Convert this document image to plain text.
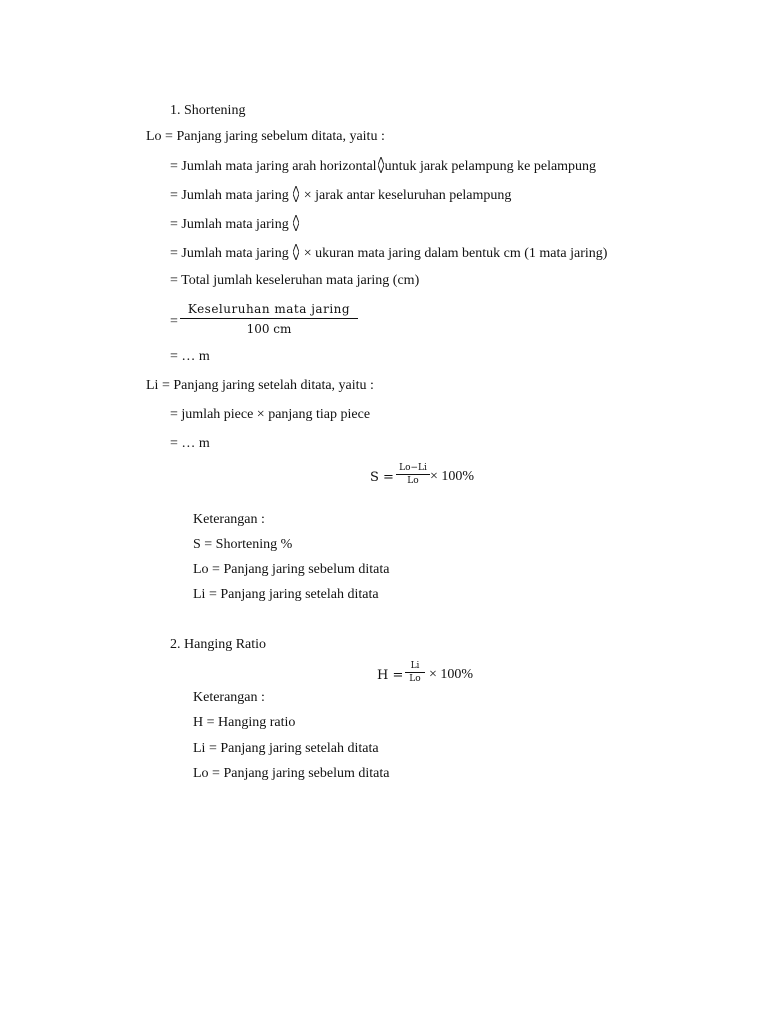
1. Shortening
Lo = Panjang jaring sebelum ditata, yaitu :
= Jumlah mata jaring arah horizontal untuk jarak pelampung ke pelampung
= Jumlah mata jaring × jarak antar keseluruhan pelampung
= Jumlah mata jaring
= Jumlah mata jaring × ukuran mata jaring dalam bentuk cm (1 mata jaring)
= Total jumlah keseleruhan mata jaring (cm)
=
Keseluruhan mata jaring
100 cm
= … m
Li = Panjang jaring setelah ditata, yaitu :
= jumlah piece × panjang tiap piece
= … m
S =
Lo−Li
Lo × 100%
Keterangan :
S = Shortening %
Lo = Panjang jaring sebelum ditata
Li = Panjang jaring setelah ditata
2. Hanging Ratio
H =
Li
Lo × 100%
Keterangan :
H = Hanging ratio
Li = Panjang jaring setelah ditata
Lo = Panjang jaring sebelum ditata
